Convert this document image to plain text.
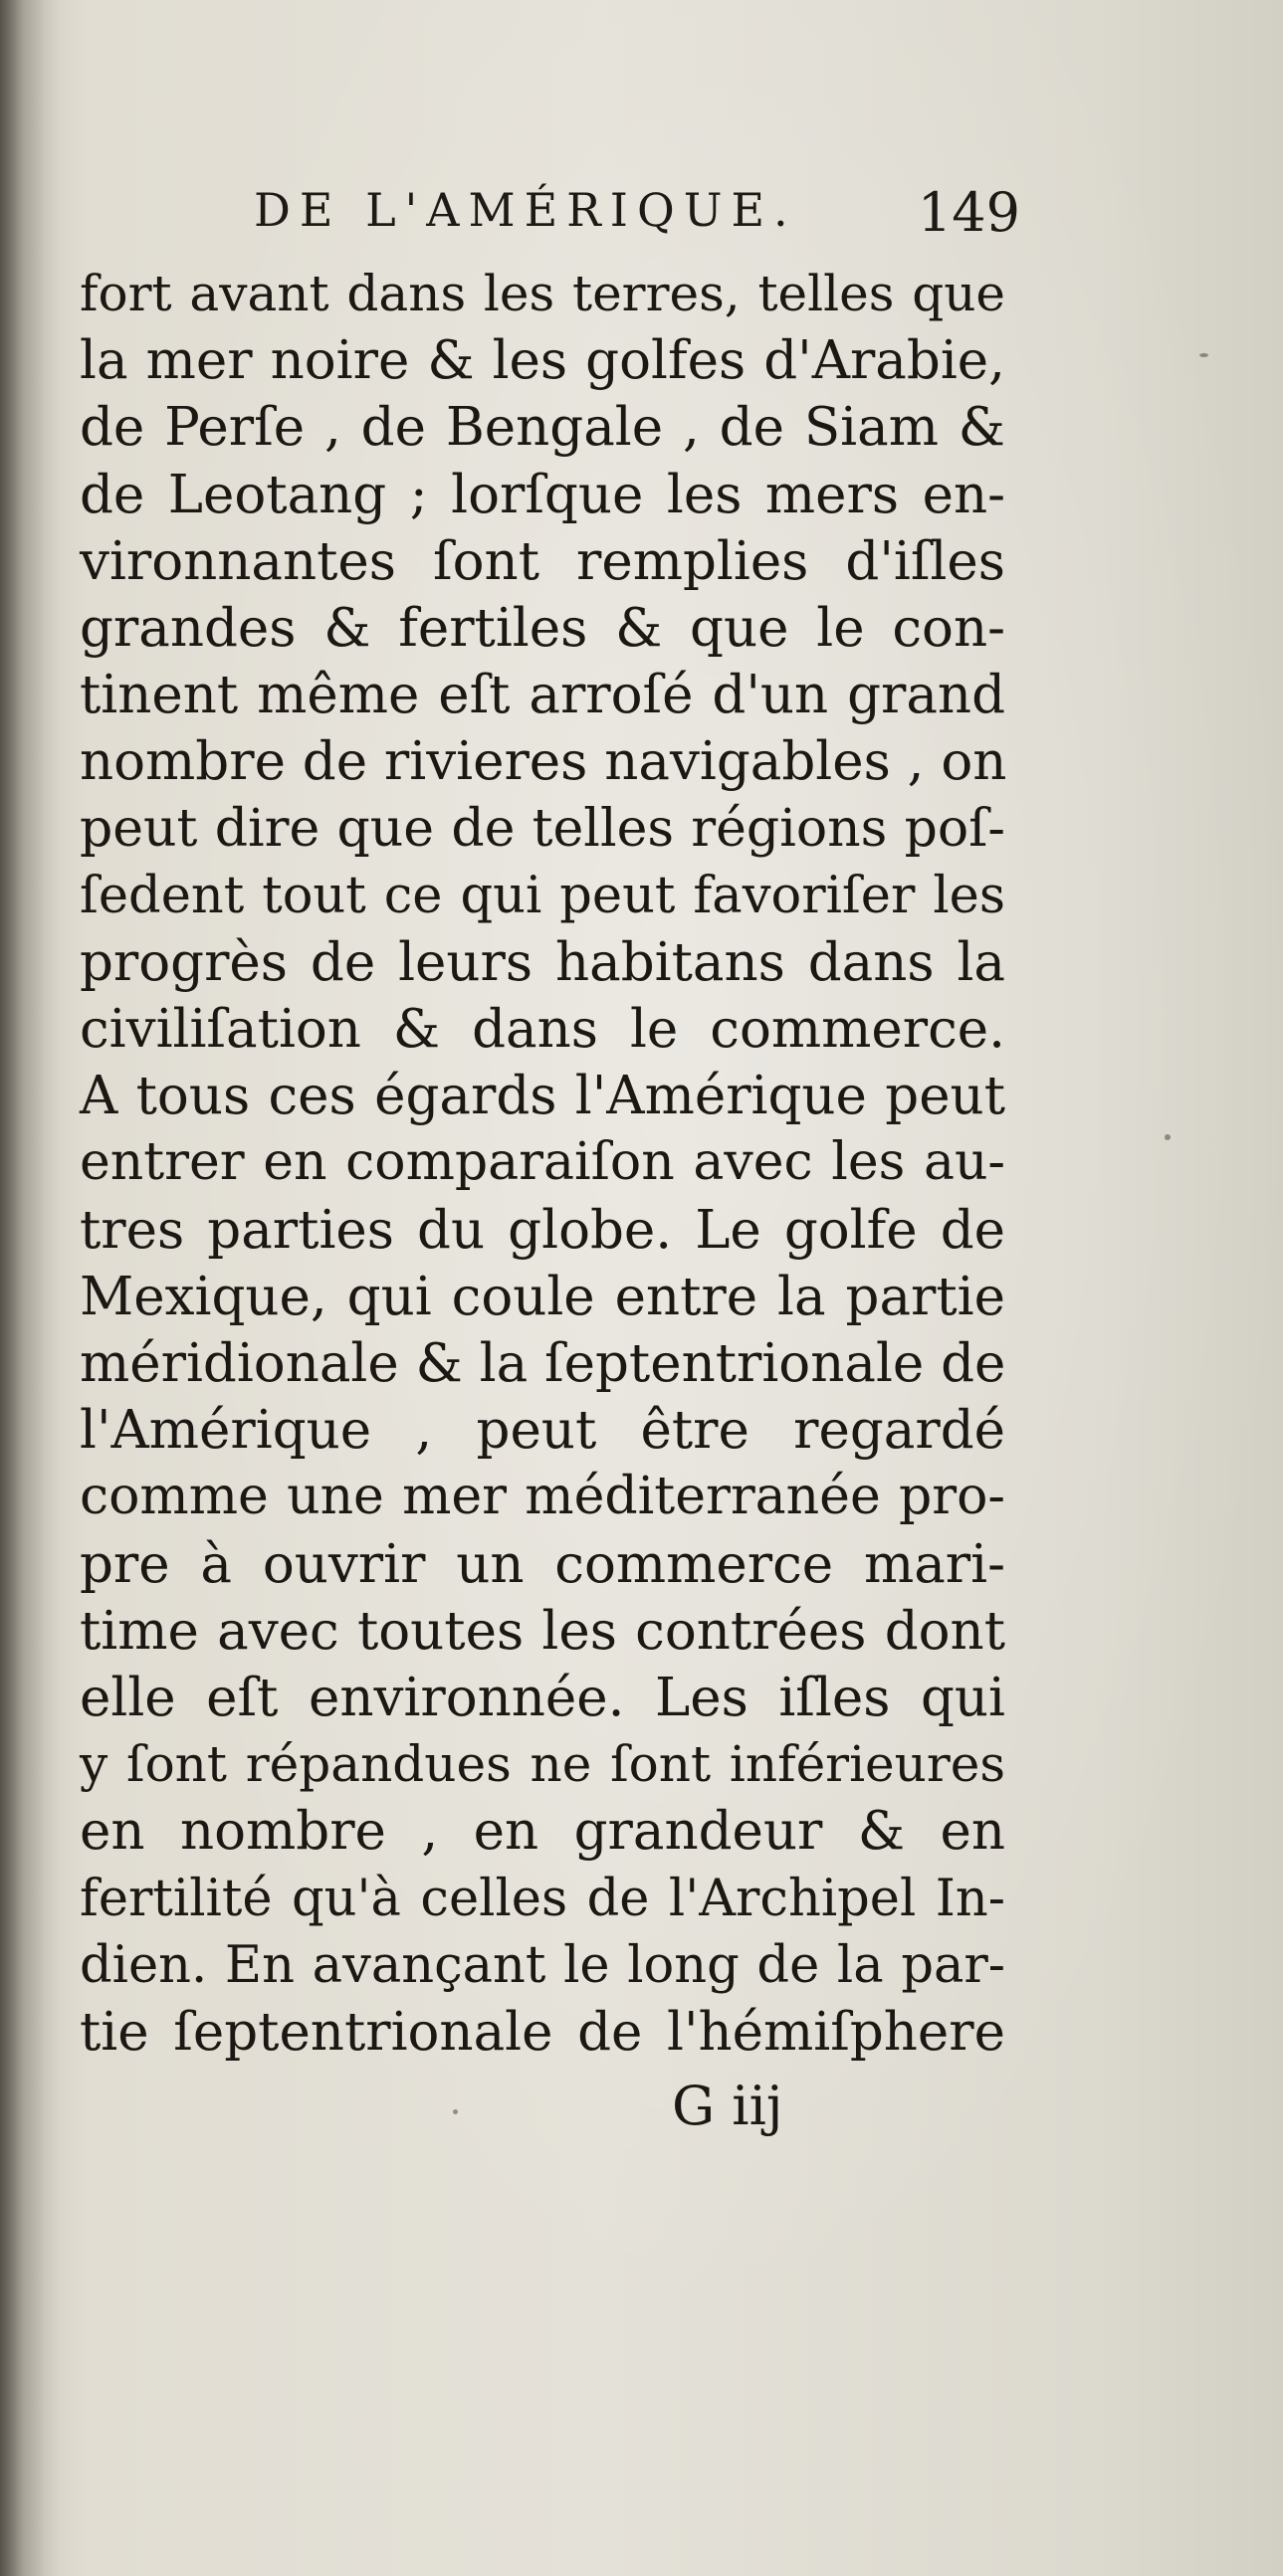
DE L'AMÉRIQUE. 149
fort avant dans les terres, telles que
la mer noire & les golfes d'Arabie,
de Perſe , de Bengale , de Siam &
de Leotang ; lorſque les mers en-
vironnantes ſont remplies d'iſles
grandes & fertiles & que le con-
tinent même eſt arroſé d'un grand
nombre de rivieres navigables , on
peut dire que de telles régions poſ-
ſedent tout ce qui peut favoriſer les
progrès de leurs habitans dans la
civiliſation & dans le commerce.
A tous ces égards l'Amérique peut
entrer en comparaiſon avec les au-
tres parties du globe. Le golfe de
Mexique, qui coule entre la partie
méridionale & la ſeptentrionale de
l'Amérique , peut être regardé
comme une mer méditerranée pro-
pre à ouvrir un commerce mari-
time avec toutes les contrées dont
elle eſt environnée. Les iſles qui
y ſont répandues ne ſont inférieures
en nombre , en grandeur & en
fertilité qu'à celles de l'Archipel In-
dien. En avançant le long de la par-
tie ſeptentrionale de l'hémiſphere
G iij
